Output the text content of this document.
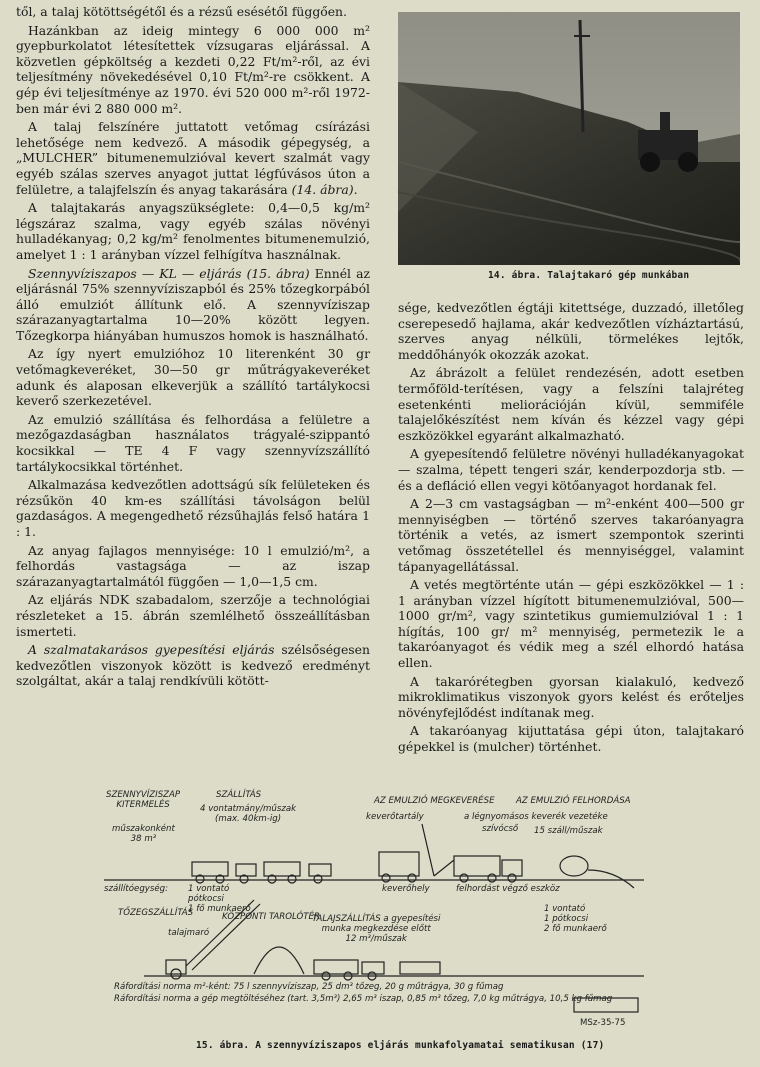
től, a talaj kötöttségétől és a rézsű esésétől függően.

Hazánkban az ideig mintegy 6 000 000 m² gyepburkolatot létesítettek vízsugaras eljárással. A közvetlen gépköltség a kezdeti 0,22 Ft/m²-ről, az évi teljesítmény növekedésével 0,10 Ft/m²-re csökkent. A gép évi teljesítménye az 1970. évi 520 000 m²-ről 1972-ben már évi 2 880 000 m².

A talaj felszínére juttatott vetőmag csírázási lehetősége nem kedvező. A második gépegység, a „MULCHER” bitumenemulzióval kevert szalmát vagy egyéb szálas szerves anyagot juttat légfúvásos úton a felületre, a talajfelszín és anyag takarására (14. ábra).

A talajtakarás anyagszükséglete: 0,4—0,5 kg/m² légszáraz szalma, vagy egyéb szálas növényi hulladékanyag; 0,2 kg/m² fenolmentes bitumenemulzió, amelyet 1 : 1 arányban vízzel felhígítva használnak.

Szennyvíziszapos — KL — eljárás (15. ábra) Ennél az eljárásnál 75% szennyvíziszapból és 25% tőzegkorpából álló emulziót állítunk elő. A szennyvíziszap szárazanyagtartalma 10—20% között legyen. Tőzegkorpa hiányában humuszos homok is használható.

Az így nyert emulzióhoz 10 literenként 30 gr vetőmagkeveréket, 30—50 gr műtrágyakeveréket adunk és alaposan elkeverjük a szállító tartálykocsi keverő szerkezetével.

Az emulzió szállítása és felhordása a felületre a mezőgazdaságban használatos trágyalé-szippantó kocsikkal — TE 4 F vagy szennyvízszállító tartálykocsikkal történhet.

Alkalmazása kedvezőtlen adottságú sík felületeken és rézsűkön 40 km-es szállítási távolságon belül gazdaságos. A megengedhető rézsűhajlás felső határa 1 : 1.

Az anyag fajlagos mennyisége: 10 l emulzió/m², a felhordás vastagsága — az iszap szárazanyagtartalmától függően — 1,0—1,5 cm.

Az eljárás NDK szabadalom, szerzője a technológiai részleteket a 15. ábrán szemlélhető összeállításban ismerteti.

A szalmatakarásos gyepesítési eljárás szélsőségesen kedvezőtlen viszonyok között is kedvező eredményt szolgáltat, akár a talaj rendkívüli kötött-

14. ábra. Talajtakaró gép munkában

sége, kedvezőtlen égtáji kitettsége, duzzadó, illetőleg cserepesedő hajlama, akár kedvezőtlen vízháztartású, szerves anyag nélküli, törmelékes lejtők, meddőhányók okozzák azokat.

Az ábrázolt a felület rendezésén, adott esetben termőföld-terítésen, vagy a felszíni talajréteg esetenkénti meliorációján kívül, semmiféle talajelőkészítést nem kíván és kézzel vagy gépi eszközökkel egyaránt alkalmazható.

A gyepesítendő felületre növényi hulladékanyagokat — szalma, tépett tengeri szár, kenderpozdorja stb. — és a defláció ellen vegyi kötőanyagot hordanak fel.

A 2—3 cm vastagságban — m²-enként 400—500 gr mennyiségben — történő szerves takaróanyagra történik a vetés, az ismert szempontok szerinti vetőmag összetétellel és mennyiséggel, valamint tápanyagellátással.

A vetés megtörténte után — gépi eszközökkel — 1 : 1 arányban vízzel hígított bitumenemulzióval, 500—1000 gr/m², vagy szintetikus gumiemulzióval 1 : 1 hígítás, 100 gr/ m² mennyiség, permetezik le a takaróanyagot és védik meg a szél elhordó hatása ellen.

A takarórétegben gyorsan kialakuló, kedvező mikroklimatikus viszonyok gyors kelést és erőteljes növényfejlődést indítanak meg.

A takaróanyag kijuttatása gépi úton, talajtakaró gépekkel is (mulcher) történhet.

SZENNYVÍZISZAP
KITERMELÉS
műszakonként
38 m³
SZÁLLÍTÁS
4 vontatmány/műszak
(max. 40km-ig)
AZ EMULZIÓ MEGKEVERÉSE AZ EMULZIÓ FELHORDÁSA
keverőtartály	a légnyomásos keverék vezetéke
szívócső 15 száll/műszak
szállítóegység: 1 vontató
pótkocsi
1 fő munkaerő
keverőhely	felhordást végző eszköz
1 vontató
1 pótkocsi
2 fő munkaerő
TŐZEGSZÁLLÍTÁS	KÖZPONTI TAROLÓTÉR
talajmaró
TALAJSZÁLLÍTÁS a gyepesítési
munka megkezdése előtt
12 m³/műszak
Ráfordítási norma m²-ként: 75 l szennyvíziszap, 25 dm³ tőzeg, 20 g műtrágya, 30 g fűmag
Ráfordítási norma a gép megtöltéséhez (tart. 3,5m³) 2,65 m³ iszap, 0,85 m³ tőzeg, 7,0 kg műtrágya, 10,5 kg fűmag
MSz-35-75
15. ábra. A szennyvíziszapos eljárás munkafolyamatai sematikusan (17)
